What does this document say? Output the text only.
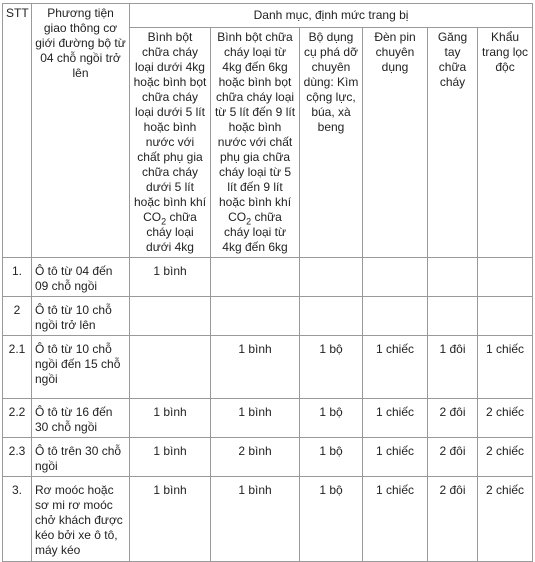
STT	Phương tiện giao thông cơ giới đường bộ từ 04 chỗ ngồi trở lên	Danh mục, định mức trang bị					
		Bình bột chữa cháy loại dưới 4kg hoặc bình bọt chữa cháy loại dưới 5 lít hoặc bình nước với chất phụ gia chữa cháy dưới 5 lít hoặc bình khí $CO_2$ chữa cháy loại dưới 4kg	Bình bột chữa cháy loại từ 4kg đến 6kg hoặc bình bọt chữa cháy loại từ 5 lít đến 9 lít hoặc bình nước với chất phụ gia chữa cháy loại từ 5 lít đến 9 lít hoặc bình khí $CO_2$ chữa cháy loại từ 4kg đến 6kg	Bộ dụng cụ phá dỡ chuyên dùng: Kìm cộng lực, búa, xà beng	Đèn pin chuyên dụng	Găng tay chữa cháy	Khẩu trang lọc độc
1.	Ô tô từ 04 đến 09 chỗ ngồi	1 bình					
2	Ô tô từ 10 chỗ ngồi trở lên						
2.1	Ô tô từ 10 chỗ ngồi đến 15 chỗ ngồi		1 bình	1 bộ	1 chiếc	1 đôi	1 chiếc
2.2	Ô tô từ 16 đến 30 chỗ ngồi	1 bình	1 bình	1 bộ	1 chiếc	2 đôi	2 chiếc
2.3	Ô tô trên 30 chỗ ngồi	1 bình	2 bình	1 bộ	1 chiếc	2 đôi	2 chiếc
3.	Rơ moóc hoặc sơ mi rơ moóc chở khách được kéo bởi xe ô tô, máy kéo	1 bình	1 bình	1 bộ	1 chiếc	2 đôi	2 chiếc
